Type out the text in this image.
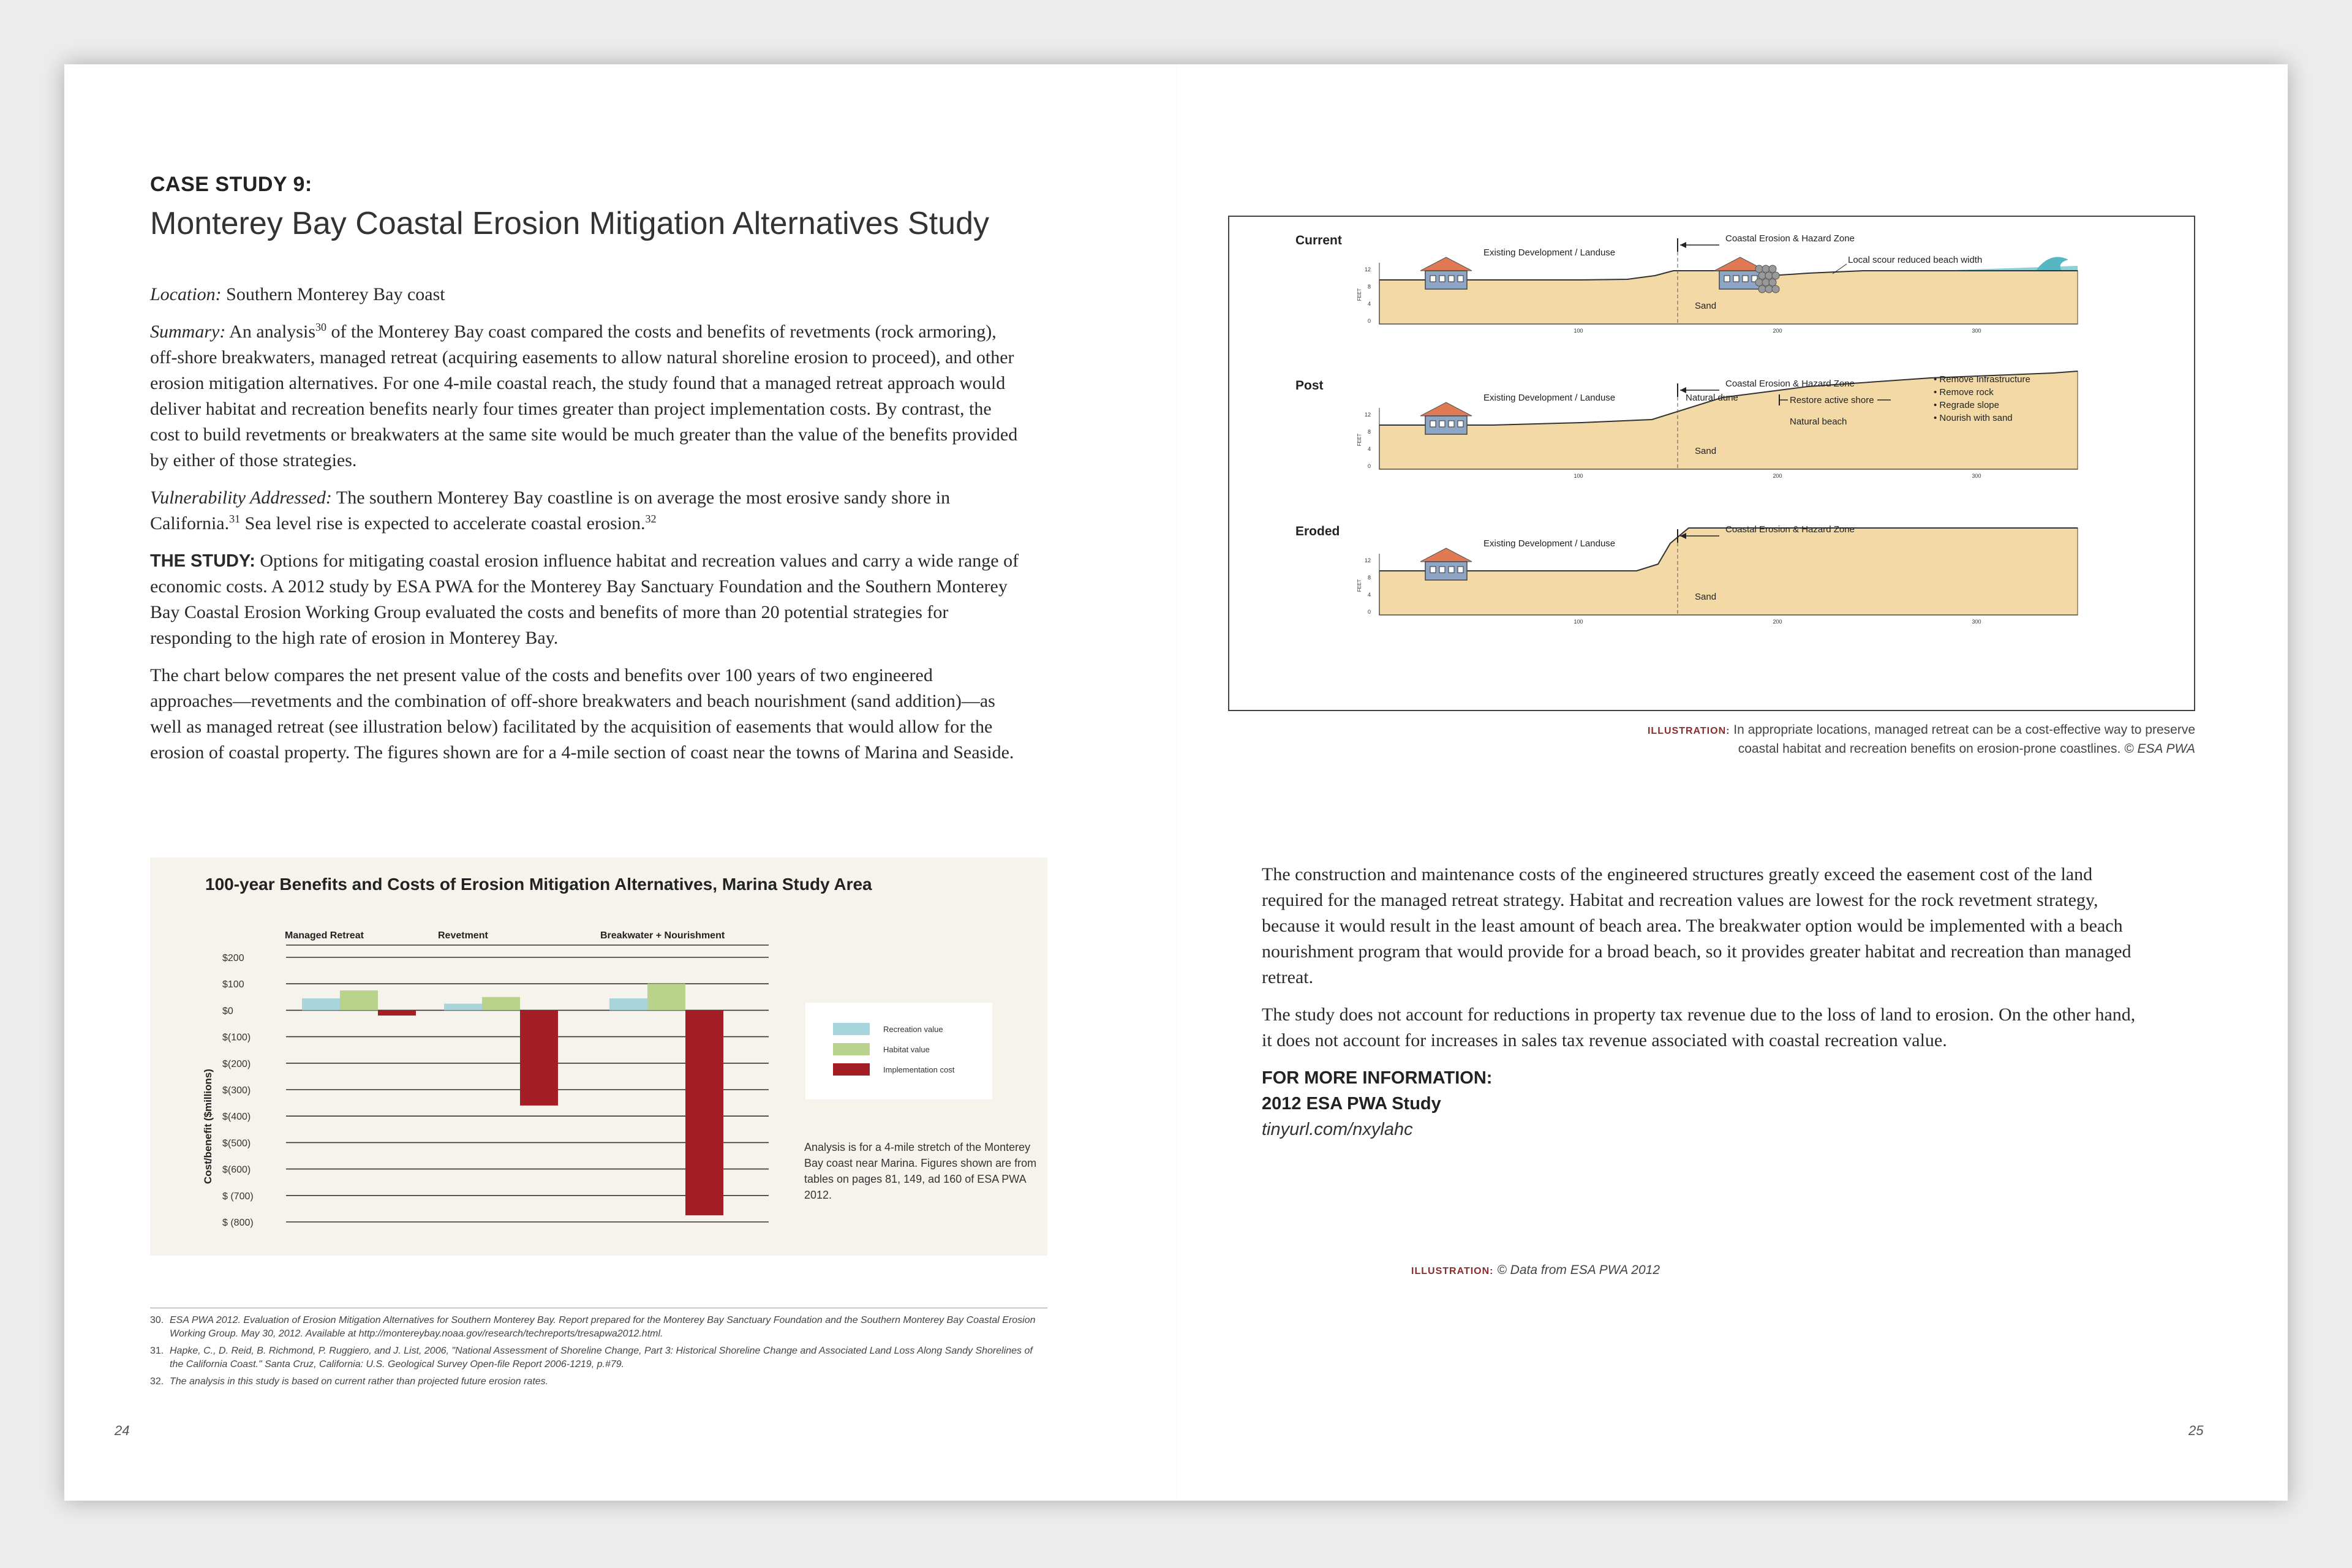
CASE STUDY 9:
Monterey Bay Coastal Erosion Mitigation Alternatives Study

Location: Southern Monterey Bay coast

Summary: An analysis$^{30}$ of the Monterey Bay coast compared the costs and benefits of revetments (rock armoring), off-shore breakwaters, managed retreat (acquiring easements to allow natural shoreline erosion to proceed), and other erosion mitigation alternatives. For one 4-mile coastal reach, the study found that a managed retreat approach would deliver habitat and recreation benefits nearly four times greater than project implementation costs. By contrast, the cost to build revetments or breakwaters at the same site would be much greater than the value of the benefits provided by either of those strategies.

Vulnerability Addressed: The southern Monterey Bay coastline is on average the most erosive sandy shore in California.$^{31}$ Sea level rise is expected to accelerate coastal erosion.$^{32}$

THE STUDY: Options for mitigating coastal erosion influence habitat and recreation values and carry a wide range of economic costs. A 2012 study by ESA PWA for the Monterey Bay Sanctuary Foundation and the Southern Monterey Bay Coastal Erosion Working Group evaluated the costs and benefits of more than 20 potential strategies for responding to the high rate of erosion in Monterey Bay.

The chart below compares the net present value of the costs and benefits over 100 years of two engineered approaches—revetments and the combination of off-shore breakwaters and beach nourishment (sand addition)—as well as managed retreat (see illustration below) facilitated by the acquisition of easements that would allow for the erosion of coastal property. The figures shown are for a 4-mile section of coast near the towns of Marina and Seaside.

100-year Benefits and Costs of Erosion Mitigation Alternatives, Marina Study Area
$200
$100
$0
$(100)
$(200)
$(300)
$(400)
$(500)
$(600)
$ (700)
$ (800)
Cost/benefit ($millions)
Managed Retreat	Revetment	Breakwater + Nourishment
Recreation value
Habitat value
Implementation cost
Analysis is for a 4-mile stretch of the Monterey Bay coast near Marina. Figures shown are from tables on pages 81, 149, ad 160 of ESA PWA 2012.
ILLUSTRATION: © Data from ESA PWA 2012
30. ESA PWA 2012. Evaluation of Erosion Mitigation Alternatives for Southern Monterey Bay. Report prepared for the Monterey Bay Sanctuary Foundation and the Southern Monterey Bay Coastal Erosion Working Group. May 30, 2012. Available at http://montereybay.noaa.gov/research/techreports/tresapwa2012.html.
31. Hapke, C., D. Reid, B. Richmond, P. Ruggiero, and J. List, 2006, "National Assessment of Shoreline Change, Part 3: Historical Shoreline Change and Associated Land Loss Along Sandy Shorelines of the California Coast." Santa Cruz, California: U.S. Geological Survey Open-file Report 2006-1219, p.#79.
32. The analysis in this study is based on current rather than projected future erosion rates.
24
Current
12
8
4
0
FEET
100	200	300
Existing Development / Landuse
Coastal Erosion & Hazard Zone
Sand
Local scour reduced beach width
Post
12
8
4
0
FEET
100	200	300
Existing Development / Landuse
Coastal Erosion & Hazard Zone
Sand
Natural dune	Restore active shore
Natural beach
• Remove Infrastructure
• Remove rock
• Regrade slope
• Nourish with sand
Eroded
12
8
4
0
FEET
100	200	300
Existing Development / Landuse
Coastal Erosion & Hazard Zone
Sand
ILLUSTRATION: In appropriate locations, managed retreat can be a cost-effective way to preserve
coastal habitat and recreation benefits on erosion-prone coastlines. © ESA PWA

The construction and maintenance costs of the engineered structures greatly exceed the easement cost of the land required for the managed retreat strategy. Habitat and recreation values are lowest for the rock revetment strategy, because it would result in the least amount of beach area. The breakwater option would be implemented with a beach nourishment program that would provide for a broad beach, so it provides greater habitat and recreation than managed retreat.

The study does not account for reductions in property tax revenue due to the loss of land to erosion. On the other hand, it does not account for increases in sales tax revenue associated with coastal recreation value.

FOR MORE INFORMATION:
2012 ESA PWA Study
tinyurl.com/nxylahc
25
